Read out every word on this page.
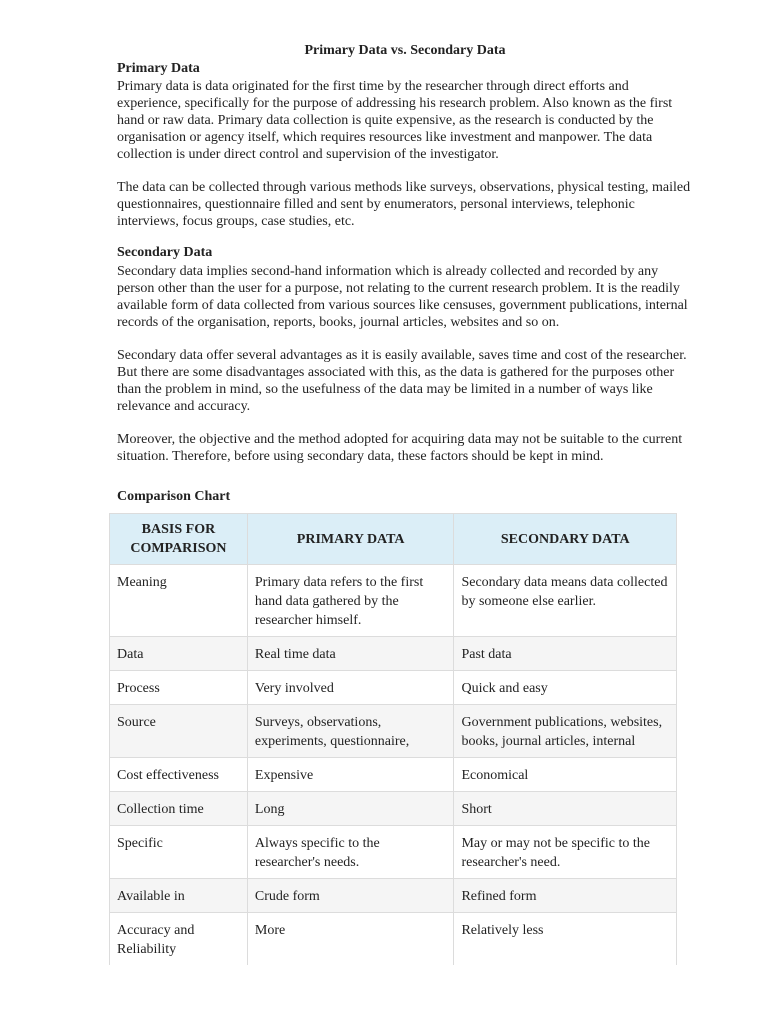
Primary Data vs. Secondary Data

Primary Data

Primary data is data originated for the first time by the researcher through direct efforts and experience, specifically for the purpose of addressing his research problem. Also known as the first hand or raw data. Primary data collection is quite expensive, as the research is conducted by the organisation or agency itself, which requires resources like investment and manpower. The data collection is under direct control and supervision of the investigator.

The data can be collected through various methods like surveys, observations, physical testing, mailed questionnaires, questionnaire filled and sent by enumerators, personal interviews, telephonic interviews, focus groups, case studies, etc.

Secondary Data

Secondary data implies second-hand information which is already collected and recorded by any person other than the user for a purpose, not relating to the current research problem. It is the readily available form of data collected from various sources like censuses, government publications, internal records of the organisation, reports, books, journal articles, websites and so on.

Secondary data offer several advantages as it is easily available, saves time and cost of the researcher. But there are some disadvantages associated with this, as the data is gathered for the purposes other than the problem in mind, so the usefulness of the data may be limited in a number of ways like relevance and accuracy.

Moreover, the objective and the method adopted for acquiring data may not be suitable to the current situation. Therefore, before using secondary data, these factors should be kept in mind.

Comparison Chart

BASIS FOR COMPARISON	PRIMARY DATA	SECONDARY DATA
Meaning	Primary data refers to the first hand data gathered by the researcher himself.	Secondary data means data collected by someone else earlier.
Data	Real time data	Past data
Process	Very involved	Quick and easy
Source	Surveys, observations, experiments, questionnaire,	Government publications, websites, books, journal articles, internal
Cost effectiveness	Expensive	Economical
Collection time	Long	Short
Specific	Always specific to the researcher's needs.	May or may not be specific to the researcher's need.
Available in	Crude form	Refined form
Accuracy and Reliability	More	Relatively less
